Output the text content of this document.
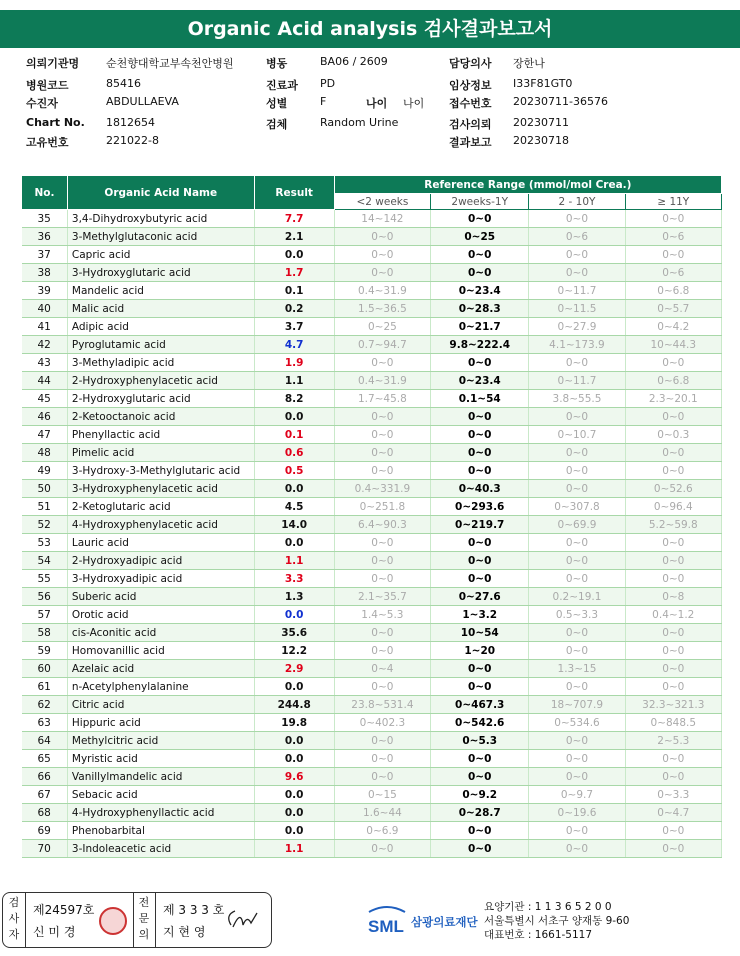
Organic Acid analysis 검사결과보고서
의뢰기관명 순천향대학교부속천안병원
병원코드	85416
수진자	ABDULLAEVA
Chart No. 1812654
고유번호	221022-8
병동	BA06 / 2609
진료과 PD
성별	F	나이 나이
검체	Random Urine
담당의사 장한나
임상정보 I33F81GT0
접수번호 20230711-36576
검사의뢰 20230711
결과보고 20230718
No.	Organic Acid Name	Result	Reference Range (mmol/mol Crea.)			
			<2 weeks	2weeks-1Y	2 - 10Y	≥ 11Y
35	3,4-Dihydroxybutyric acid	7.7	14~142	0~0	0~0	0~0
36	3-Methylglutaconic acid	2.1	0~0	0~25	0~6	0~6
37	Capric acid	0.0	0~0	0~0	0~0	0~0
38	3-Hydroxyglutaric acid	1.7	0~0	0~0	0~0	0~6
39	Mandelic acid	0.1	0.4~31.9	0~23.4	0~11.7	0~6.8
40	Malic acid	0.2	1.5~36.5	0~28.3	0~11.5	0~5.7
41	Adipic acid	3.7	0~25	0~21.7	0~27.9	0~4.2
42	Pyroglutamic acid	4.7	0.7~94.7	9.8~222.4	4.1~173.9	10~44.3
43	3-Methyladipic acid	1.9	0~0	0~0	0~0	0~0
44	2-Hydroxyphenylacetic acid	1.1	0.4~31.9	0~23.4	0~11.7	0~6.8
45	2-Hydroxyglutaric acid	8.2	1.7~45.8	0.1~54	3.8~55.5	2.3~20.1
46	2-Ketooctanoic acid	0.0	0~0	0~0	0~0	0~0
47	Phenyllactic acid	0.1	0~0	0~0	0~10.7	0~0.3
48	Pimelic acid	0.6	0~0	0~0	0~0	0~0
49	3-Hydroxy-3-Methylglutaric acid	0.5	0~0	0~0	0~0	0~0
50	3-Hydroxyphenylacetic acid	0.0	0.4~331.9	0~40.3	0~0	0~52.6
51	2-Ketoglutaric acid	4.5	0~251.8	0~293.6	0~307.8	0~96.4
52	4-Hydroxyphenylacetic acid	14.0	6.4~90.3	0~219.7	0~69.9	5.2~59.8
53	Lauric acid	0.0	0~0	0~0	0~0	0~0
54	2-Hydroxyadipic acid	1.1	0~0	0~0	0~0	0~0
55	3-Hydroxyadipic acid	3.3	0~0	0~0	0~0	0~0
56	Suberic acid	1.3	2.1~35.7	0~27.6	0.2~19.1	0~8
57	Orotic acid	0.0	1.4~5.3	1~3.2	0.5~3.3	0.4~1.2
58	cis-Aconitic acid	35.6	0~0	10~54	0~0	0~0
59	Homovanillic acid	12.2	0~0	1~20	0~0	0~0
60	Azelaic acid	2.9	0~4	0~0	1.3~15	0~0
61	n-Acetylphenylalanine	0.0	0~0	0~0	0~0	0~0
62	Citric acid	244.8	23.8~531.4	0~467.3	18~707.9	32.3~321.3
63	Hippuric acid	19.8	0~402.3	0~542.6	0~534.6	0~848.5
64	Methylcitric acid	0.0	0~0	0~5.3	0~0	2~5.3
65	Myristic acid	0.0	0~0	0~0	0~0	0~0
66	Vanillylmandelic acid	9.6	0~0	0~0	0~0	0~0
67	Sebacic acid	0.0	0~15	0~9.2	0~9.7	0~3.3
68	4-Hydroxyphenyllactic acid	0.0	1.6~44	0~28.7	0~19.6	0~4.7
69	Phenobarbital	0.0	0~6.9	0~0	0~0	0~0
70	3-Indoleacetic acid	1.1	0~0	0~0	0~0	0~0
검사자
제24597호
신 미 경
전문의
제 3 3 3 호
지 현 영	SML 삼광의료재단
요양기관 : 1 1 3 6 5 2 0 0
서울특별시 서초구 양재동 9-60
대표번호 : 1661-5117
